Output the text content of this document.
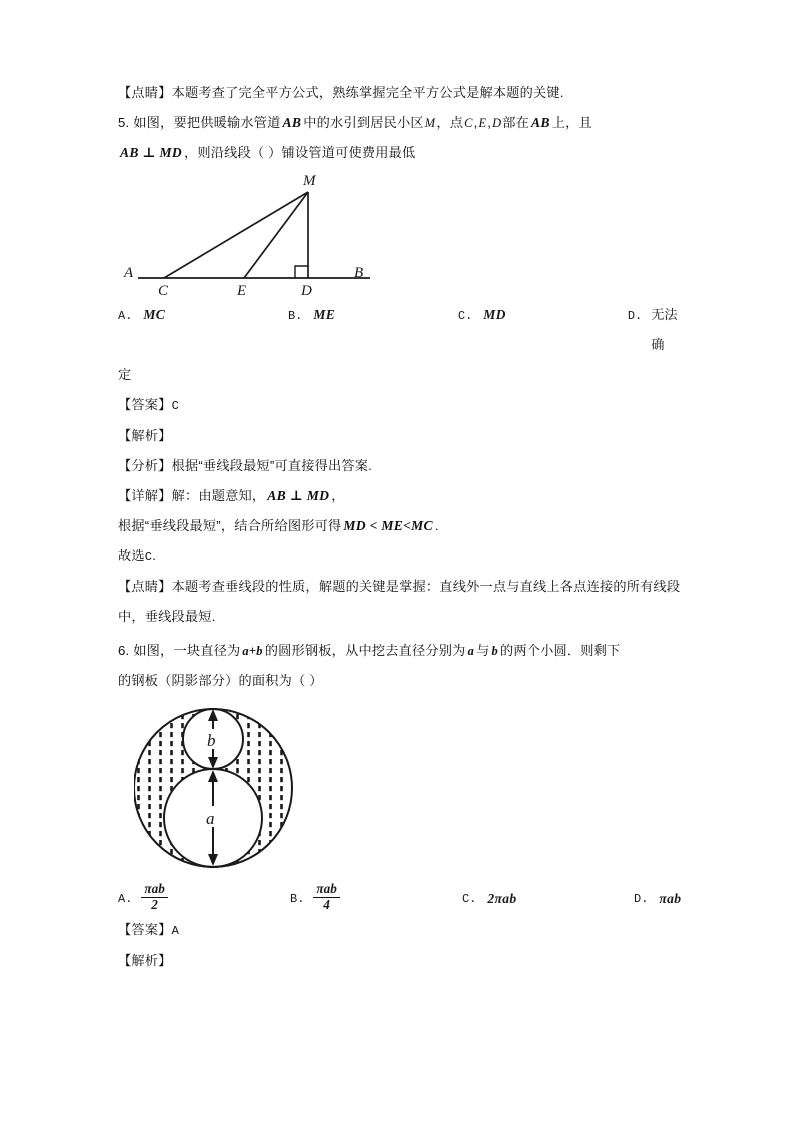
【点睛】本题考查了完全平方公式，熟练掌握完全平方公式是解本题的关键.
5. 如图，要把供暖输水管道 AB 中的水引到居民小区M，点C,E,D部在 AB 上，且
AB ⊥ MD ，则沿线段（ ）铺设管道可使费用最低
M
A
C	E	D
B
A. MC	B. ME	C. MD	D. 无法确
定
【答案】C
【解析】
【分析】根据“垂线段最短”可直接得出答案.
【详解】解：由题意知， AB ⊥ MD ，
根据“垂线段最短”，结合所给图形可得 MD < ME<MC .
故选C.
【点睛】本题考查垂线段的性质，解题的关键是掌握：直线外一点与直线上各点连接的所有线段中，垂线段最短.
6. 如图，一块直径为 a+b 的圆形钢板，从中挖去直径分别为 a 与 b 的两个小圆．则剩下
的钢板（阴影部分）的面积为（ ）
b
a
A. $\frac{\text{πab}}{2}$	B. $\frac{\text{πab}}{4}$	C. 2πab	D. πab
【答案】A
【解析】
